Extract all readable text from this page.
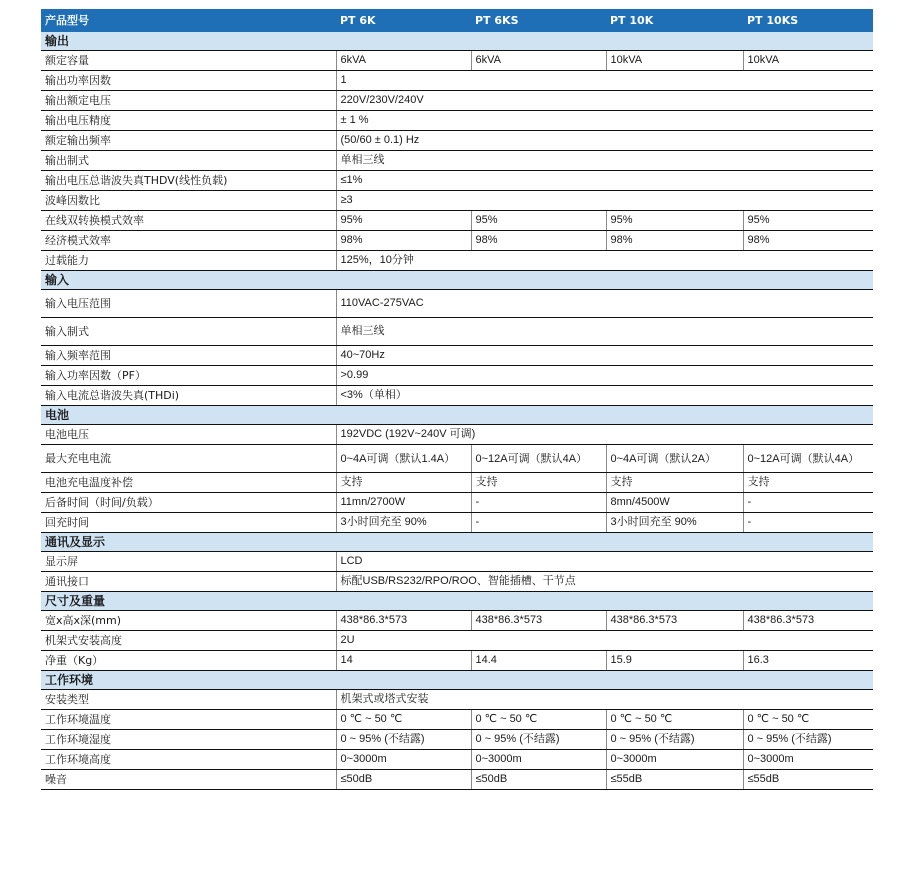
产品型号	PT 6K	PT 6KS	PT 10K	PT 10KS
输出				
额定容量	6kVA	6kVA	10kVA	10kVA
输出功率因数	1			
输出额定电压	220V/230V/240V			
输出电压精度	± 1 %			
额定输出频率	(50/60 ± 0.1) Hz			
输出制式	单相三线			
输出电压总谐波失真THDV(线性负载)	≤1%			
波峰因数比	≥3			
在线双转换模式效率	95%	95%	95%	95%
经济模式效率	98%	98%	98%	98%
过载能力	125%，10分钟			
输入				
输入电压范围	110VAC-275VAC			
输入制式	单相三线			
输入频率范围	40~70Hz			
输入功率因数（PF）	>0.99			
输入电流总谐波失真(THDi)	<3%（单相）			
电池				
电池电压	192VDC (192V~240V 可调)			
最大充电电流	0~4A可调（默认1.4A）	0~12A可调（默认4A）	0~4A可调（默认2A）	0~12A可调（默认4A）
电池充电温度补偿	支持	支持	支持	支持
后备时间（时间/负载）	11mn/2700W	-	8mn/4500W	-
回充时间	3小时回充至 90%	-	3小时回充至 90%	-
通讯及显示				
显示屏	LCD			
通讯接口	标配USB/RS232/RPO/ROO、智能插槽、干节点			
尺寸及重量				
宽x高x深(mm)	438*86.3*573	438*86.3*573	438*86.3*573	438*86.3*573
机架式安装高度	2U			
净重（Kg）	14	14.4	15.9	16.3
工作环境				
安装类型	机架式或塔式安装			
工作环境温度	0 ℃ ~ 50 ℃	0 ℃ ~ 50 ℃	0 ℃ ~ 50 ℃	0 ℃ ~ 50 ℃
工作环境湿度	0 ~ 95% (不结露)	0 ~ 95% (不结露)	0 ~ 95% (不结露)	0 ~ 95% (不结露)
工作环境高度	0~3000m	0~3000m	0~3000m	0~3000m
噪音	≤50dB	≤50dB	≤55dB	≤55dB
